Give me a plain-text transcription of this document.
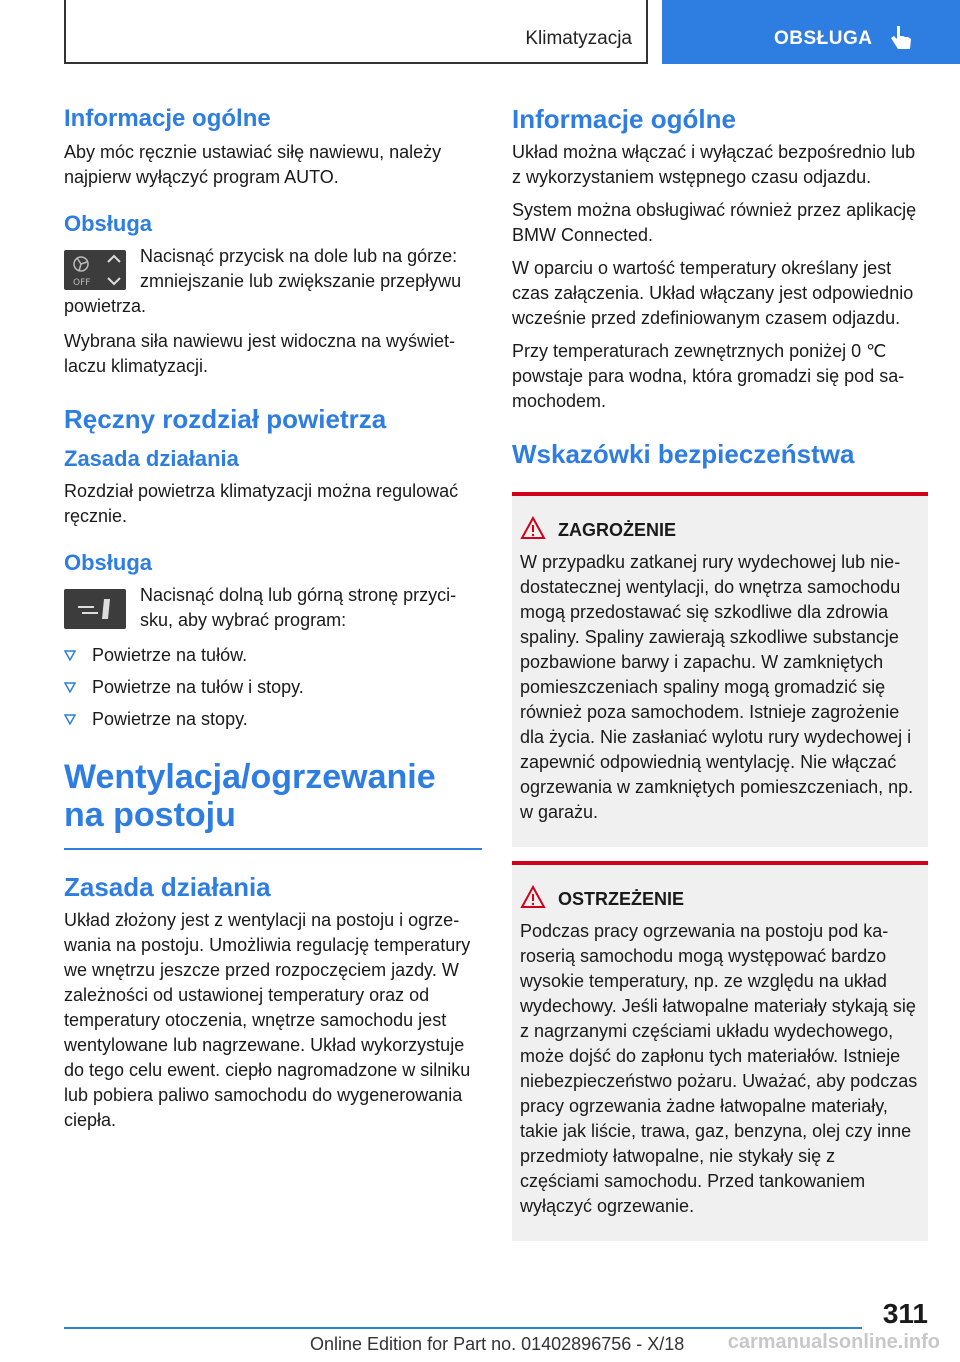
Klimatyzacja	OBSŁUGA
Informacje ogólne

Aby móc ręcznie ustawiać siłę nawiewu, należy najpierw wyłączyć program AUTO.

Obsługa
OFF

Nacisnąć przycisk na dole lub na górze: zmniejszanie lub zwiększanie przepływu powietrza.

Wybrana siła nawiewu jest widoczna na wyświetlaczu klimatyzacji.

Ręczny rozdział powietrza
Zasada działania

Rozdział powietrza klimatyzacji można regulować ręcznie.

Obsługa

Nacisnąć dolną lub górną stronę przycisku, aby wybrać program:

Powietrze na tułów.
Powietrze na tułów i stopy.
Powietrze na stopy.
Wentylacja/ogrzewanie na postoju
Zasada działania

Układ złożony jest z wentylacji na postoju i ogrzewania na postoju. Umożliwia regulację temperatury we wnętrzu jeszcze przed rozpoczęciem jazdy. W zależności od ustawionej temperatury oraz od temperatury otoczenia, wnętrze samochodu jest wentylowane lub nagrzewane. Układ wykorzystuje do tego celu ewent. ciepło nagromadzone w silniku lub pobiera paliwo samochodu do wygenerowania ciepła.

Informacje ogólne

Układ można włączać i wyłączać bezpośrednio lub z wykorzystaniem wstępnego czasu odjazdu.

System można obsługiwać również przez aplikację BMW Connected.

W oparciu o wartość temperatury określany jest czas załączenia. Układ włączany jest odpowiednio wcześnie przed zdefiniowanym czasem odjazdu.

Przy temperaturach zewnętrznych poniżej 0 ℃ powstaje para wodna, która gromadzi się pod samochodem.

Wskazówki bezpieczeństwa
ZAGROŻENIE

W przypadku zatkanej rury wydechowej lub niedostatecznej wentylacji, do wnętrza samochodu mogą przedostawać się szkodliwe dla zdrowia spaliny. Spaliny zawierają szkodliwe substancje pozbawione barwy i zapachu. W zamkniętych pomieszczeniach spaliny mogą gromadzić się również poza samochodem. Istnieje zagrożenie dla życia. Nie zasłaniać wylotu rury wydechowej i zapewnić odpowiednią wentylację. Nie włączać ogrzewania w zamkniętych pomieszczeniach, np. w garażu.

OSTRZEŻENIE

Podczas pracy ogrzewania na postoju pod karoserią samochodu mogą występować bardzo wysokie temperatury, np. ze względu na układ wydechowy. Jeśli łatwopalne materiały stykają się z nagrzanymi częściami układu wydechowego, może dojść do zapłonu tych materiałów. Istnieje niebezpieczeństwo pożaru. Uważać, aby podczas pracy ogrzewania żadne łatwopalne materiały, takie jak liście, trawa, gaz, benzyna, olej czy inne przedmioty łatwopalne, nie stykały się z częściami samochodu. Przed tankowaniem wyłączyć ogrzewanie.

311
Online Edition for Part no. 01402896756 - X/18 carmanualsonline.info
